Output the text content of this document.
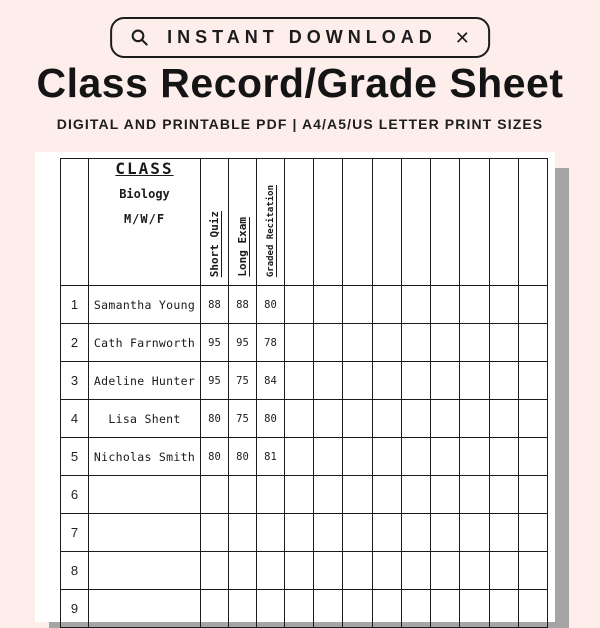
INSTANT DOWNLOAD ✕
Class Record/Grade Sheet
DIGITAL AND PRINTABLE PDF | A4/A5/US LETTER PRINT SIZES

	CLASS
Biology
M/W/F	Short Quiz	Long Exam	Graded Recitation									

1	Samantha Young	88	88	80									
2	Cath Farnworth	95	95	78									
3	Adeline Hunter	95	75	84									
4	Lisa Shent	80	75	80									
5	Nicholas Smith	80	80	81									
6													
7													
8													
9													
